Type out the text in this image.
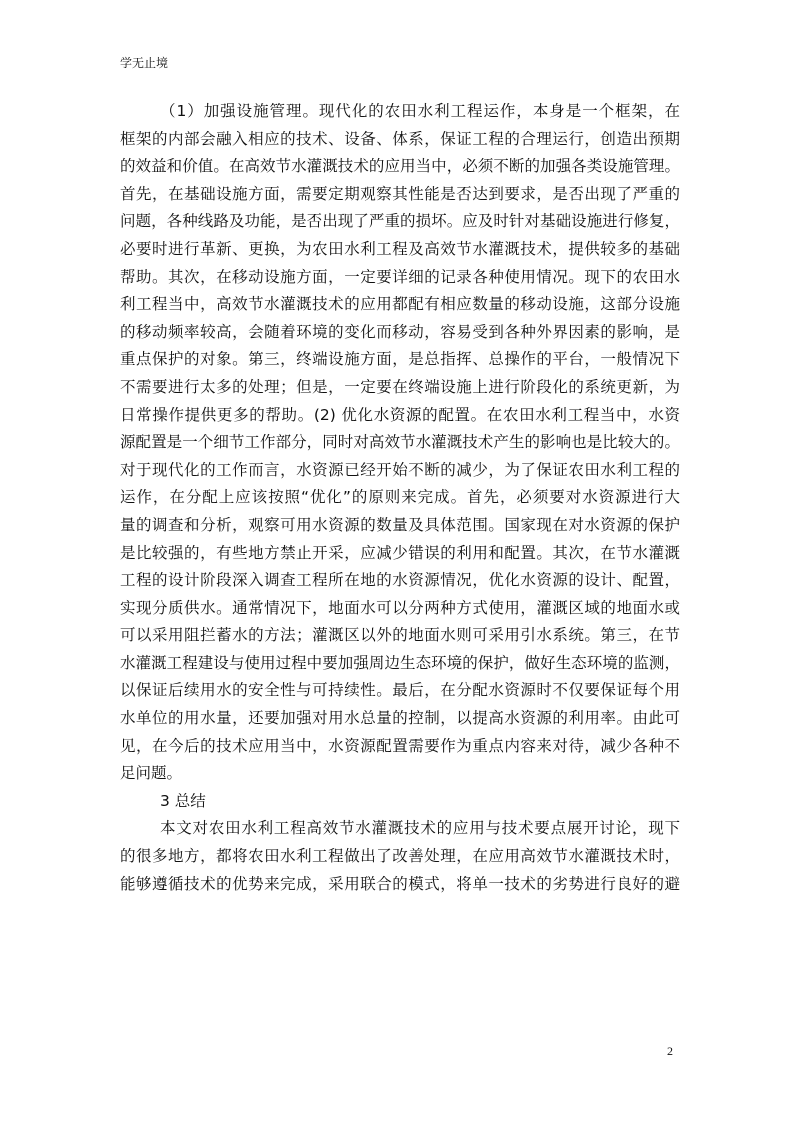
学无止境
（1）加强设施管理。现代化的农田水利工程运作，本身是一个框架，在
框架的内部会融入相应的技术、设备、体系，保证工程的合理运行，创造出预期
的效益和价值。在高效节水灌溉技术的应用当中，必须不断的加强各类设施管理。
首先，在基础设施方面，需要定期观察其性能是否达到要求，是否出现了严重的
问题，各种线路及功能，是否出现了严重的损坏。应及时针对基础设施进行修复，
必要时进行革新、更换，为农田水利工程及高效节水灌溉技术，提供较多的基础
帮助。其次，在移动设施方面，一定要详细的记录各种使用情况。现下的农田水
利工程当中，高效节水灌溉技术的应用都配有相应数量的移动设施，这部分设施
的移动频率较高，会随着环境的变化而移动，容易受到各种外界因素的影响，是
重点保护的对象。第三，终端设施方面，是总指挥、总操作的平台，一般情况下
不需要进行太多的处理；但是，一定要在终端设施上进行阶段化的系统更新，为
日常操作提供更多的帮助。(2) 优化水资源的配置。在农田水利工程当中，水资
源配置是一个细节工作部分，同时对高效节水灌溉技术产生的影响也是比较大的。
对于现代化的工作而言，水资源已经开始不断的减少，为了保证农田水利工程的
运作，在分配上应该按照“优化”的原则来完成。首先，必须要对水资源进行大
量的调查和分析，观察可用水资源的数量及具体范围。国家现在对水资源的保护
是比较强的，有些地方禁止开采，应减少错误的利用和配置。其次，在节水灌溉
工程的设计阶段深入调查工程所在地的水资源情况，优化水资源的设计、配置，
实现分质供水。通常情况下，地面水可以分两种方式使用，灌溉区域的地面水或
可以采用阻拦蓄水的方法；灌溉区以外的地面水则可采用引水系统。第三，在节
水灌溉工程建设与使用过程中要加强周边生态环境的保护，做好生态环境的监测，
以保证后续用水的安全性与可持续性。最后，在分配水资源时不仅要保证每个用
水单位的用水量，还要加强对用水总量的控制，以提高水资源的利用率。由此可
见，在今后的技术应用当中，水资源配置需要作为重点内容来对待，减少各种不
足问题。
3 总结
本文对农田水利工程高效节水灌溉技术的应用与技术要点展开讨论，现下
的很多地方，都将农田水利工程做出了改善处理，在应用高效节水灌溉技术时，
能够遵循技术的优势来完成，采用联合的模式，将单一技术的劣势进行良好的避
2
